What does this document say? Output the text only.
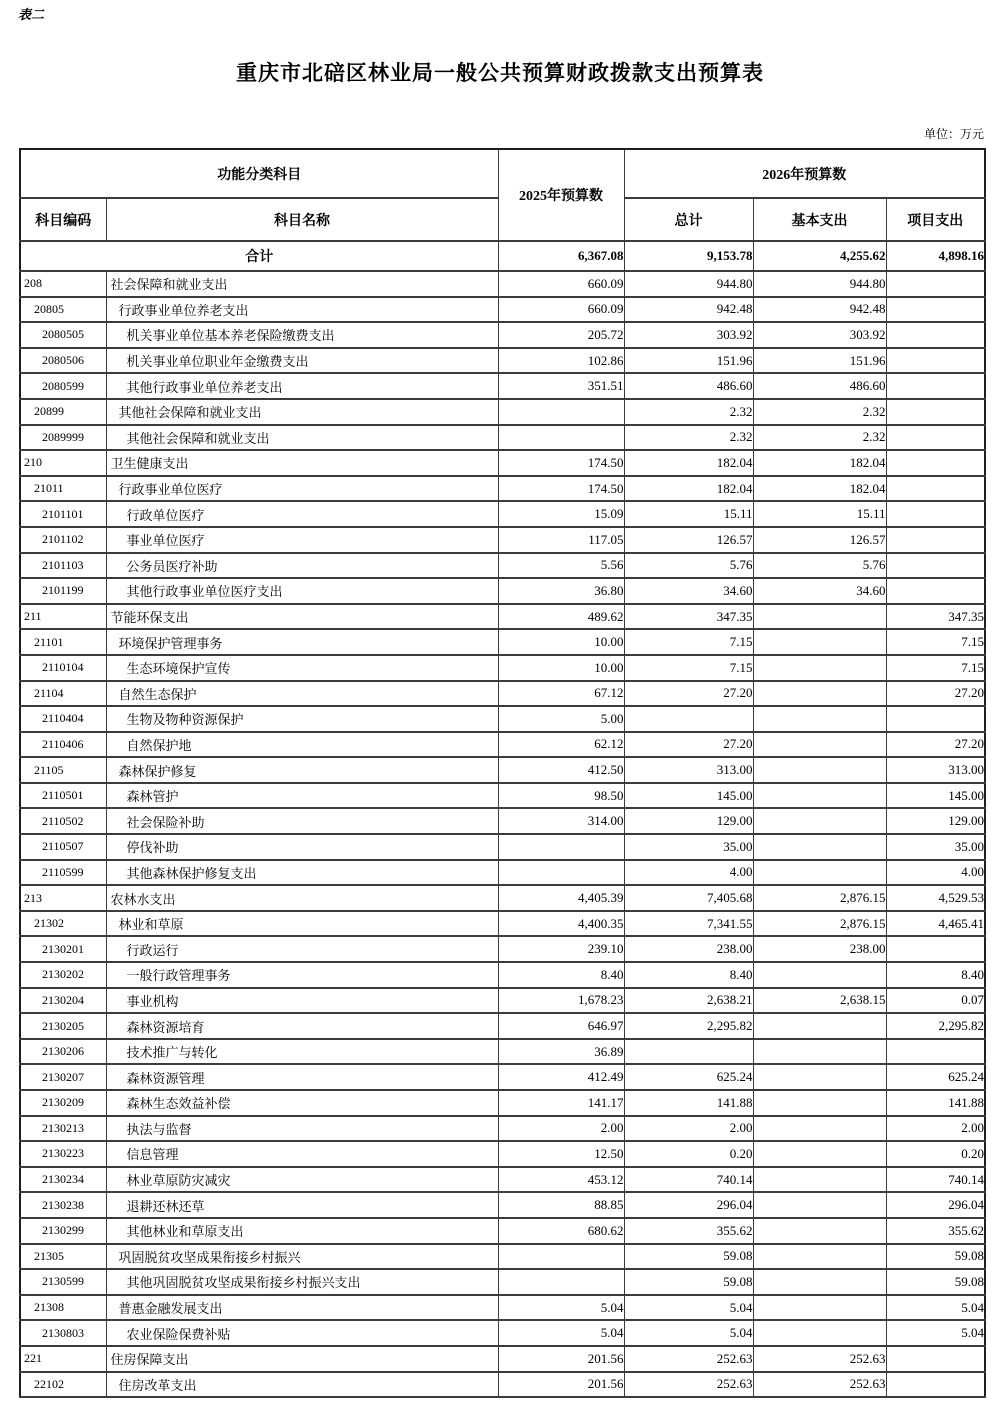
表二
重庆市北碚区林业局一般公共预算财政拨款支出预算表
单位：万元
功能分类科目		2025年预算数	2026年预算数		
科目编码	科目名称		总计	基本支出	项目支出
合计		6,367.08	9,153.78	4,255.62	4,898.16
208	社会保障和就业支出	660.09	944.80	944.80	
20805	行政事业单位养老支出	660.09	942.48	942.48	
2080505	机关事业单位基本养老保险缴费支出	205.72	303.92	303.92	
2080506	机关事业单位职业年金缴费支出	102.86	151.96	151.96	
2080599	其他行政事业单位养老支出	351.51	486.60	486.60	
20899	其他社会保障和就业支出		2.32	2.32	
2089999	其他社会保障和就业支出		2.32	2.32	
210	卫生健康支出	174.50	182.04	182.04	
21011	行政事业单位医疗	174.50	182.04	182.04	
2101101	行政单位医疗	15.09	15.11	15.11	
2101102	事业单位医疗	117.05	126.57	126.57	
2101103	公务员医疗补助	5.56	5.76	5.76	
2101199	其他行政事业单位医疗支出	36.80	34.60	34.60	
211	节能环保支出	489.62	347.35		347.35
21101	环境保护管理事务	10.00	7.15		7.15
2110104	生态环境保护宣传	10.00	7.15		7.15
21104	自然生态保护	67.12	27.20		27.20
2110404	生物及物种资源保护	5.00			
2110406	自然保护地	62.12	27.20		27.20
21105	森林保护修复	412.50	313.00		313.00
2110501	森林管护	98.50	145.00		145.00
2110502	社会保险补助	314.00	129.00		129.00
2110507	停伐补助		35.00		35.00
2110599	其他森林保护修复支出		4.00		4.00
213	农林水支出	4,405.39	7,405.68	2,876.15	4,529.53
21302	林业和草原	4,400.35	7,341.55	2,876.15	4,465.41
2130201	行政运行	239.10	238.00	238.00	
2130202	一般行政管理事务	8.40	8.40		8.40
2130204	事业机构	1,678.23	2,638.21	2,638.15	0.07
2130205	森林资源培育	646.97	2,295.82		2,295.82
2130206	技术推广与转化	36.89			
2130207	森林资源管理	412.49	625.24		625.24
2130209	森林生态效益补偿	141.17	141.88		141.88
2130213	执法与监督	2.00	2.00		2.00
2130223	信息管理	12.50	0.20		0.20
2130234	林业草原防灾减灾	453.12	740.14		740.14
2130238	退耕还林还草	88.85	296.04		296.04
2130299	其他林业和草原支出	680.62	355.62		355.62
21305	巩固脱贫攻坚成果衔接乡村振兴		59.08		59.08
2130599	其他巩固脱贫攻坚成果衔接乡村振兴支出		59.08		59.08
21308	普惠金融发展支出	5.04	5.04		5.04
2130803	农业保险保费补贴	5.04	5.04		5.04
221	住房保障支出	201.56	252.63	252.63	
22102	住房改革支出	201.56	252.63	252.63	
